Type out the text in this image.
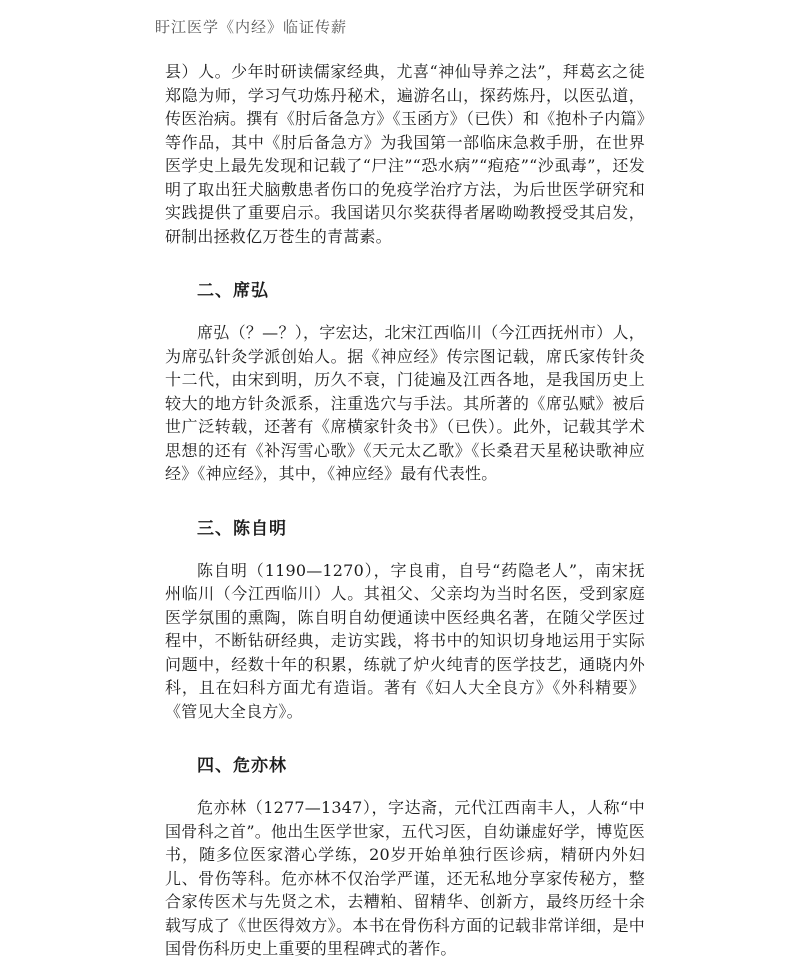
盱江医学《内经》临证传薪

县）人。少年时研读儒家经典，尤喜“神仙导养之法”，拜葛玄之徒郑隐为师，学习气功炼丹秘术，遍游名山，探药炼丹，以医弘道，传医治病。撰有《肘后备急方》《玉函方》（已佚）和《抱朴子内篇》等作品，其中《肘后备急方》为我国第一部临床急救手册，在世界医学史上最先发现和记载了“尸注”“恐水病”“疱疮”“沙虱毒”，还发明了取出狂犬脑敷患者伤口的免疫学治疗方法，为后世医学研究和实践提供了重要启示。我国诺贝尔奖获得者屠呦呦教授受其启发，研制出拯救亿万苍生的青蒿素。

二、席弘

席弘（？—？），字宏达，北宋江西临川（今江西抚州市）人，为席弘针灸学派创始人。据《神应经》传宗图记载，席氏家传针灸十二代，由宋到明，历久不衰，门徒遍及江西各地，是我国历史上较大的地方针灸派系，注重选穴与手法。其所著的《席弘赋》被后世广泛转载，还著有《席横家针灸书》（已佚）。此外，记载其学术思想的还有《补泻雪心歌》《天元太乙歌》《长桑君天星秘诀歌神应经》《神应经》，其中，《神应经》最有代表性。

三、陈自明

陈自明（1190—1270），字良甫，自号“药隐老人”，南宋抚州临川（今江西临川）人。其祖父、父亲均为当时名医，受到家庭医学氛围的熏陶，陈自明自幼便通读中医经典名著，在随父学医过程中，不断钻研经典，走访实践，将书中的知识切身地运用于实际问题中，经数十年的积累，练就了炉火纯青的医学技艺，通晓内外科，且在妇科方面尤有造诣。著有《妇人大全良方》《外科精要》《管见大全良方》。

四、危亦林

危亦林（1277—1347），字达斋，元代江西南丰人，人称“中国骨科之首”。他出生医学世家，五代习医，自幼谦虚好学，博览医书，随多位医家潜心学练，20岁开始单独行医诊病，精研内外妇儿、骨伤等科。危亦林不仅治学严谨，还无私地分享家传秘方，整合家传医术与先贤之术，去糟粕、留精华、创新方，最终历经十余载写成了《世医得效方》。本书在骨伤科方面的记载非常详细，是中国骨伤科历史上重要的里程碑式的著作。
